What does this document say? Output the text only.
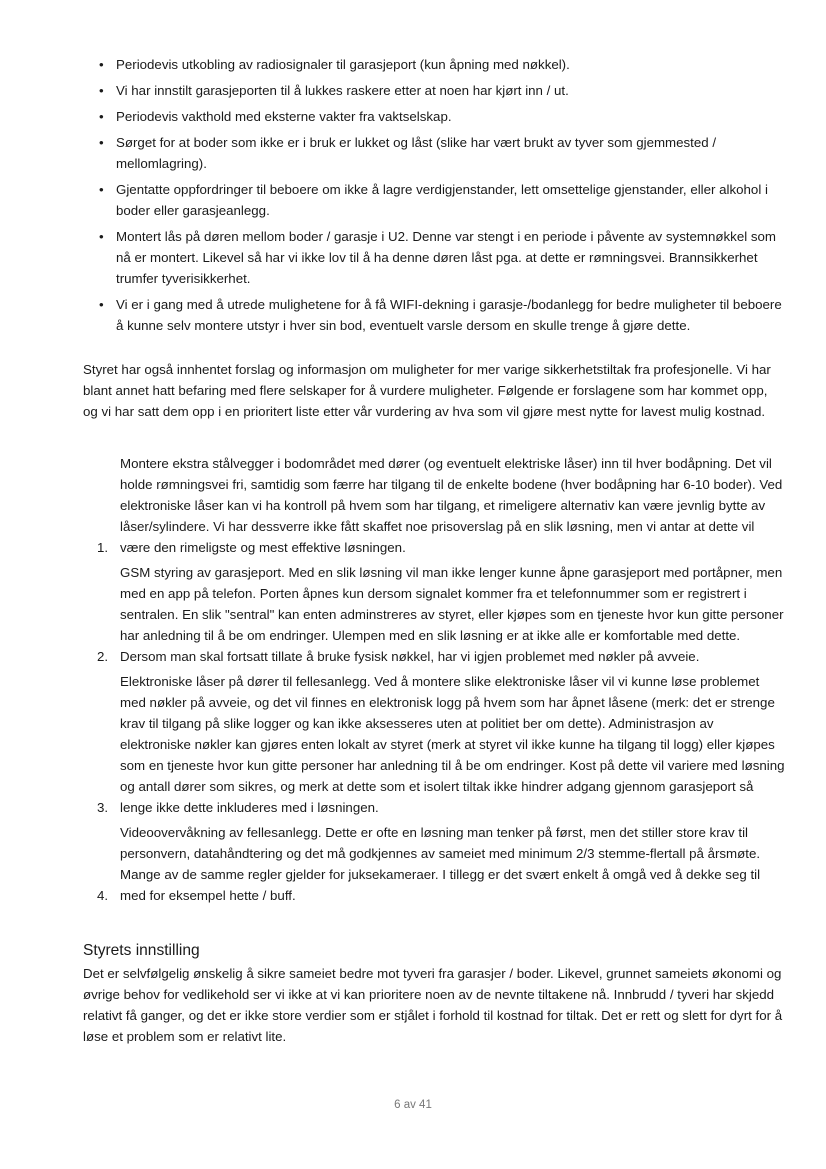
• Periodevis utkobling av radiosignaler til garasjeport (kun åpning med nøkkel).
• Vi har innstilt garasjeporten til å lukkes raskere etter at noen har kjørt inn / ut.
• Periodevis vakthold med eksterne vakter fra vaktselskap.
• Sørget for at boder som ikke er i bruk er lukket og låst (slike har vært brukt av tyver som gjemmested / mellomlagring).
• Gjentatte oppfordringer til beboere om ikke å lagre verdigjenstander, lett omsettelige gjenstander, eller alkohol i boder eller garasjeanlegg.
• Montert lås på døren mellom boder / garasje i U2. Denne var stengt i en periode i påvente av systemnøkkel som nå er montert. Likevel så har vi ikke lov til å ha denne døren låst pga. at dette er rømningsvei. Brannsikkerhet trumfer tyverisikkerhet.
• Vi er i gang med å utrede mulighetene for å få WIFI-dekning i garasje-/bodanlegg for bedre muligheter til beboere å kunne selv montere utstyr i hver sin bod, eventuelt varsle dersom en skulle trenge å gjøre dette.

Styret har også innhentet forslag og informasjon om muligheter for mer varige sikkerhetstiltak fra profesjonelle. Vi har blant annet hatt befaring med flere selskaper for å vurdere muligheter. Følgende er forslagene som har kommet opp, og vi har satt dem opp i en prioritert liste etter vår vurdering av hva som vil gjøre mest nytte for lavest mulig kostnad.

1.
Montere ekstra stålvegger i bodområdet med dører (og eventuelt elektriske låser) inn til hver bodåpning. Det vil holde rømningsvei fri, samtidig som færre har tilgang til de enkelte bodene (hver bodåpning har 6-10 boder). Ved elektroniske låser kan vi ha kontroll på hvem som har tilgang, et rimeligere alternativ kan være jevnlig bytte av låser/sylindere. Vi har dessverre ikke fått skaffet noe prisoverslag på en slik løsning, men vi antar at dette vil være den rimeligste og mest effektive løsningen.
2.
GSM styring av garasjeport. Med en slik løsning vil man ikke lenger kunne åpne garasjeport med portåpner, men med en app på telefon. Porten åpnes kun dersom signalet kommer fra et telefonnummer som er registrert i sentralen. En slik "sentral" kan enten adminstreres av styret, eller kjøpes som en tjeneste hvor kun gitte personer har anledning til å be om endringer. Ulempen med en slik løsning er at ikke alle er komfortable med dette. Dersom man skal fortsatt tillate å bruke fysisk nøkkel, har vi igjen problemet med nøkler på avveie.
3.
Elektroniske låser på dører til fellesanlegg. Ved å montere slike elektroniske låser vil vi kunne løse problemet med nøkler på avveie, og det vil finnes en elektronisk logg på hvem som har åpnet låsene (merk: det er strenge krav til tilgang på slike logger og kan ikke aksesseres uten at politiet ber om dette). Administrasjon av elektroniske nøkler kan gjøres enten lokalt av styret (merk at styret vil ikke kunne ha tilgang til logg) eller kjøpes som en tjeneste hvor kun gitte personer har anledning til å be om endringer. Kost på dette vil variere med løsning og antall dører som sikres, og merk at dette som et isolert tiltak ikke hindrer adgang gjennom garasjeport så lenge ikke dette inkluderes med i løsningen.
4.
Videoovervåkning av fellesanlegg. Dette er ofte en løsning man tenker på først, men det stiller store krav til personvern, datahåndtering og det må godkjennes av sameiet med minimum 2/3 stemme-flertall på årsmøte. Mange av de samme regler gjelder for juksekameraer. I tillegg er det svært enkelt å omgå ved å dekke seg til med for eksempel hette / buff.
Styrets innstilling

Det er selvfølgelig ønskelig å sikre sameiet bedre mot tyveri fra garasjer / boder. Likevel, grunnet sameiets økonomi og øvrige behov for vedlikehold ser vi ikke at vi kan prioritere noen av de nevnte tiltakene nå. Innbrudd / tyveri har skjedd relativt få ganger, og det er ikke store verdier som er stjålet i forhold til kostnad for tiltak. Det er rett og slett for dyrt for å løse et problem som er relativt lite.

6 av 41
